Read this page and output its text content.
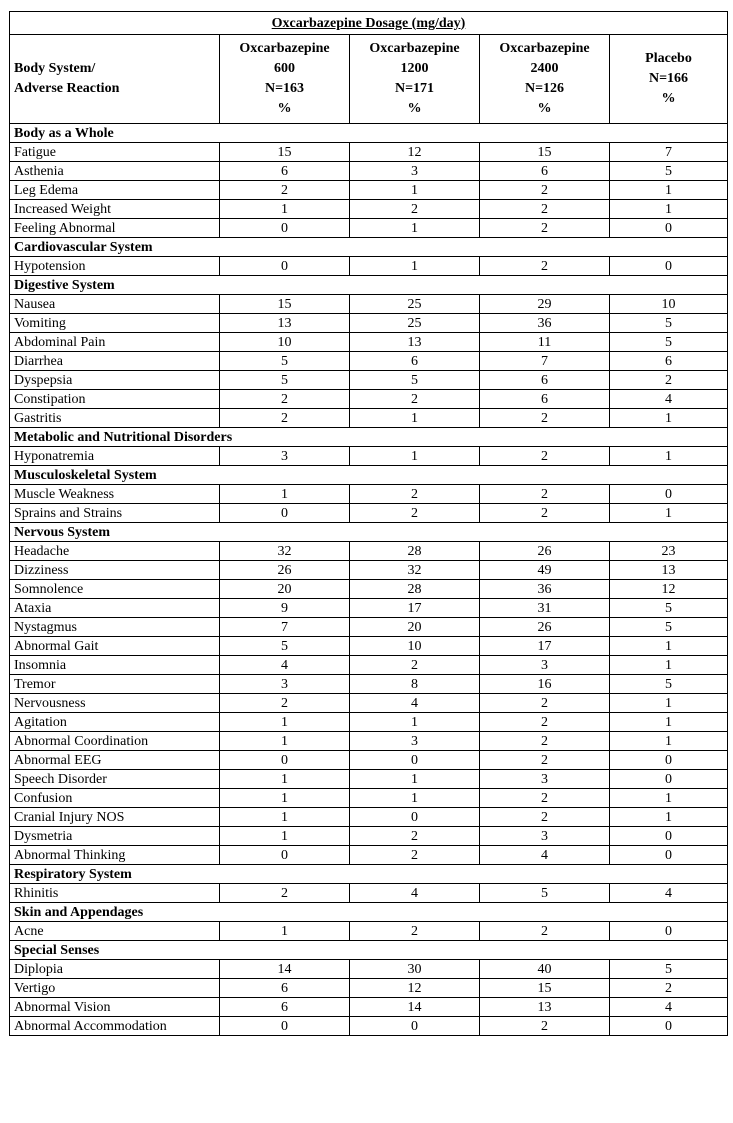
Oxcarbazepine Dosage (mg/day)				

Body System/
Adverse Reaction	Oxcarbazepine
600
N=163
%	Oxcarbazepine
1200
N=171
%	Oxcarbazepine
2400
N=126
%	Placebo
N=166
%

Body as a Whole				
Fatigue	15	12	15	7
Asthenia	6	3	6	5
Leg Edema	2	1	2	1
Increased Weight	1	2	2	1
Feeling Abnormal	0	1	2	0
Cardiovascular System				
Hypotension	0	1	2	0
Digestive System				
Nausea	15	25	29	10
Vomiting	13	25	36	5
Abdominal Pain	10	13	11	5
Diarrhea	5	6	7	6
Dyspepsia	5	5	6	2
Constipation	2	2	6	4
Gastritis	2	1	2	1
Metabolic and Nutritional Disorders				
Hyponatremia	3	1	2	1
Musculoskeletal System				
Muscle Weakness	1	2	2	0
Sprains and Strains	0	2	2	1
Nervous System				
Headache	32	28	26	23
Dizziness	26	32	49	13
Somnolence	20	28	36	12
Ataxia	9	17	31	5
Nystagmus	7	20	26	5
Abnormal Gait	5	10	17	1
Insomnia	4	2	3	1
Tremor	3	8	16	5
Nervousness	2	4	2	1
Agitation	1	1	2	1
Abnormal Coordination	1	3	2	1
Abnormal EEG	0	0	2	0
Speech Disorder	1	1	3	0
Confusion	1	1	2	1
Cranial Injury NOS	1	0	2	1
Dysmetria	1	2	3	0
Abnormal Thinking	0	2	4	0
Respiratory System				
Rhinitis	2	4	5	4
Skin and Appendages				
Acne	1	2	2	0
Special Senses				
Diplopia	14	30	40	5
Vertigo	6	12	15	2
Abnormal Vision	6	14	13	4
Abnormal Accommodation	0	0	2	0
